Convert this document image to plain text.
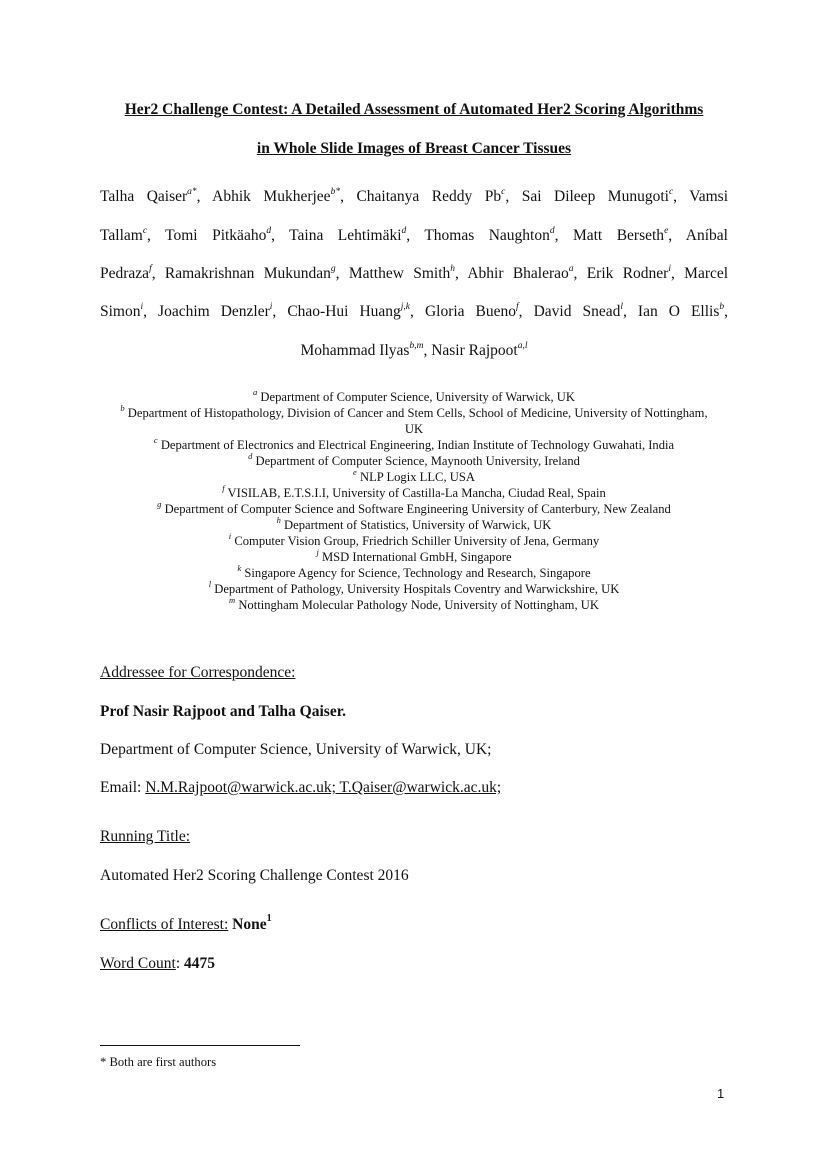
Her2 Challenge Contest: A Detailed Assessment of Automated Her2 Scoring Algorithms
in Whole Slide Images of Breast Cancer Tissues
Talha Qaiser$^{a*}$, Abhik Mukherjee$^{b*}$, Chaitanya Reddy Pb$^c$, Sai Dileep Munugoti$^c$, Vamsi
Tallam$^c$, Tomi Pitkäaho$^d$, Taina Lehtimäki$^d$, Thomas Naughton$^d$, Matt Berseth$^e$, Aníbal
Pedraza$^f$, Ramakrishnan Mukundan$^g$, Matthew Smith$^h$, Abhir Bhalerao$^a$, Erik Rodner$^i$, Marcel
Simon$^i$, Joachim Denzler$^i$, Chao-Hui Huang$^{j,k}$, Gloria Bueno$^f$, David Snead$^l$, Ian O Ellis$^b$,
Mohammad Ilyas$^{b,m}$, Nasir Rajpoot$^{a,l}$
$^a$ Department of Computer Science, University of Warwick, UK
$^b$ Department of Histopathology, Division of Cancer and Stem Cells, School of Medicine, University of Nottingham, UK
$^c$ Department of Electronics and Electrical Engineering, Indian Institute of Technology Guwahati, India
$^d$ Department of Computer Science, Maynooth University, Ireland
$^e$ NLP Logix LLC, USA
$^f$ VISILAB, E.T.S.I.I, University of Castilla-La Mancha, Ciudad Real, Spain
$^g$ Department of Computer Science and Software Engineering University of Canterbury, New Zealand
$^h$ Department of Statistics, University of Warwick, UK
$^i$ Computer Vision Group, Friedrich Schiller University of Jena, Germany
$^j$ MSD International GmbH, Singapore
$^k$ Singapore Agency for Science, Technology and Research, Singapore
$^l$ Department of Pathology, University Hospitals Coventry and Warwickshire, UK
$^m$ Nottingham Molecular Pathology Node, University of Nottingham, UK
Addressee for Correspondence:
Prof Nasir Rajpoot and Talha Qaiser.
Department of Computer Science, University of Warwick, UK;
Email: N.M.Rajpoot@warwick.ac.uk; T.Qaiser@warwick.ac.uk;
Running Title:
Automated Her2 Scoring Challenge Contest 2016
Conflicts of Interest: None$^1$
Word Count: 4475
* Both are first authors
1
